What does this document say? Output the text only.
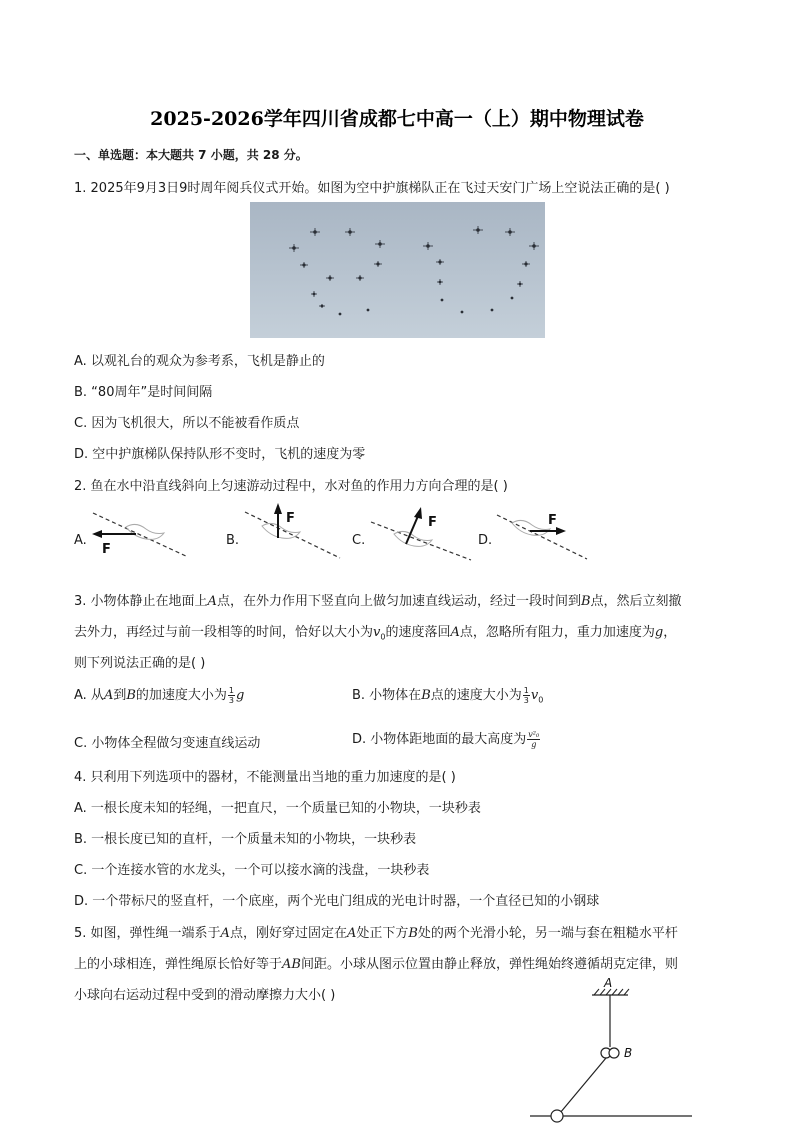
2025-2026学年四川省成都七中高一（上）期中物理试卷
一、单选题：本大题共 7 小题，共 28 分。
1. 2025年9月3日9时周年阅兵仪式开始。如图为空中护旗梯队正在飞过天安门广场上空说法正确的是( )
A. 以观礼台的观众为参考系，飞机是静止的
B. “80周年”是时间间隔
C. 因为飞机很大，所以不能被看作质点
D. 空中护旗梯队保持队形不变时，飞机的速度为零
2. 鱼在水中沿直线斜向上匀速游动过程中，水对鱼的作用力方向合理的是( )
A.
F
B.
F
C.
F
D.
F
3. 小物体静止在地面上A点，在外力作用下竖直向上做匀加速直线运动，经过一段时间到B点，然后立刻撤
去外力，再经过与前一段相等的时间，恰好以大小为$v_0$的速度落回A点，忽略所有阻力，重力加速度为g，
则下列说法正确的是( )
A. 从A到B的加速度大小为 $\frac{1}{3}$ g	B. 小物体在B点的速度大小为 $\frac{1}{3} v_0$
C. 小物体全程做匀变速直线运动	D. 小物体距地面的最大高度为 $\frac{\text{v²₀}}{g}$
4. 只利用下列选项中的器材，不能测量出当地的重力加速度的是( )
A. 一根长度未知的轻绳，一把直尺，一个质量已知的小物块，一块秒表
B. 一根长度已知的直杆，一个质量未知的小物块，一块秒表
C. 一个连接水管的水龙头，一个可以接水滴的浅盘，一块秒表
D. 一个带标尺的竖直杆，一个底座，两个光电门组成的光电计时器，一个直径已知的小钢球
5. 如图，弹性绳一端系于A点，刚好穿过固定在A处正下方B处的两个光滑小轮，另一端与套在粗糙水平杆
上的小球相连，弹性绳原长恰好等于AB间距。小球从图示位置由静止释放，弹性绳始终遵循胡克定律，则
小球向右运动过程中受到的滑动摩擦力大小( )
A
B
